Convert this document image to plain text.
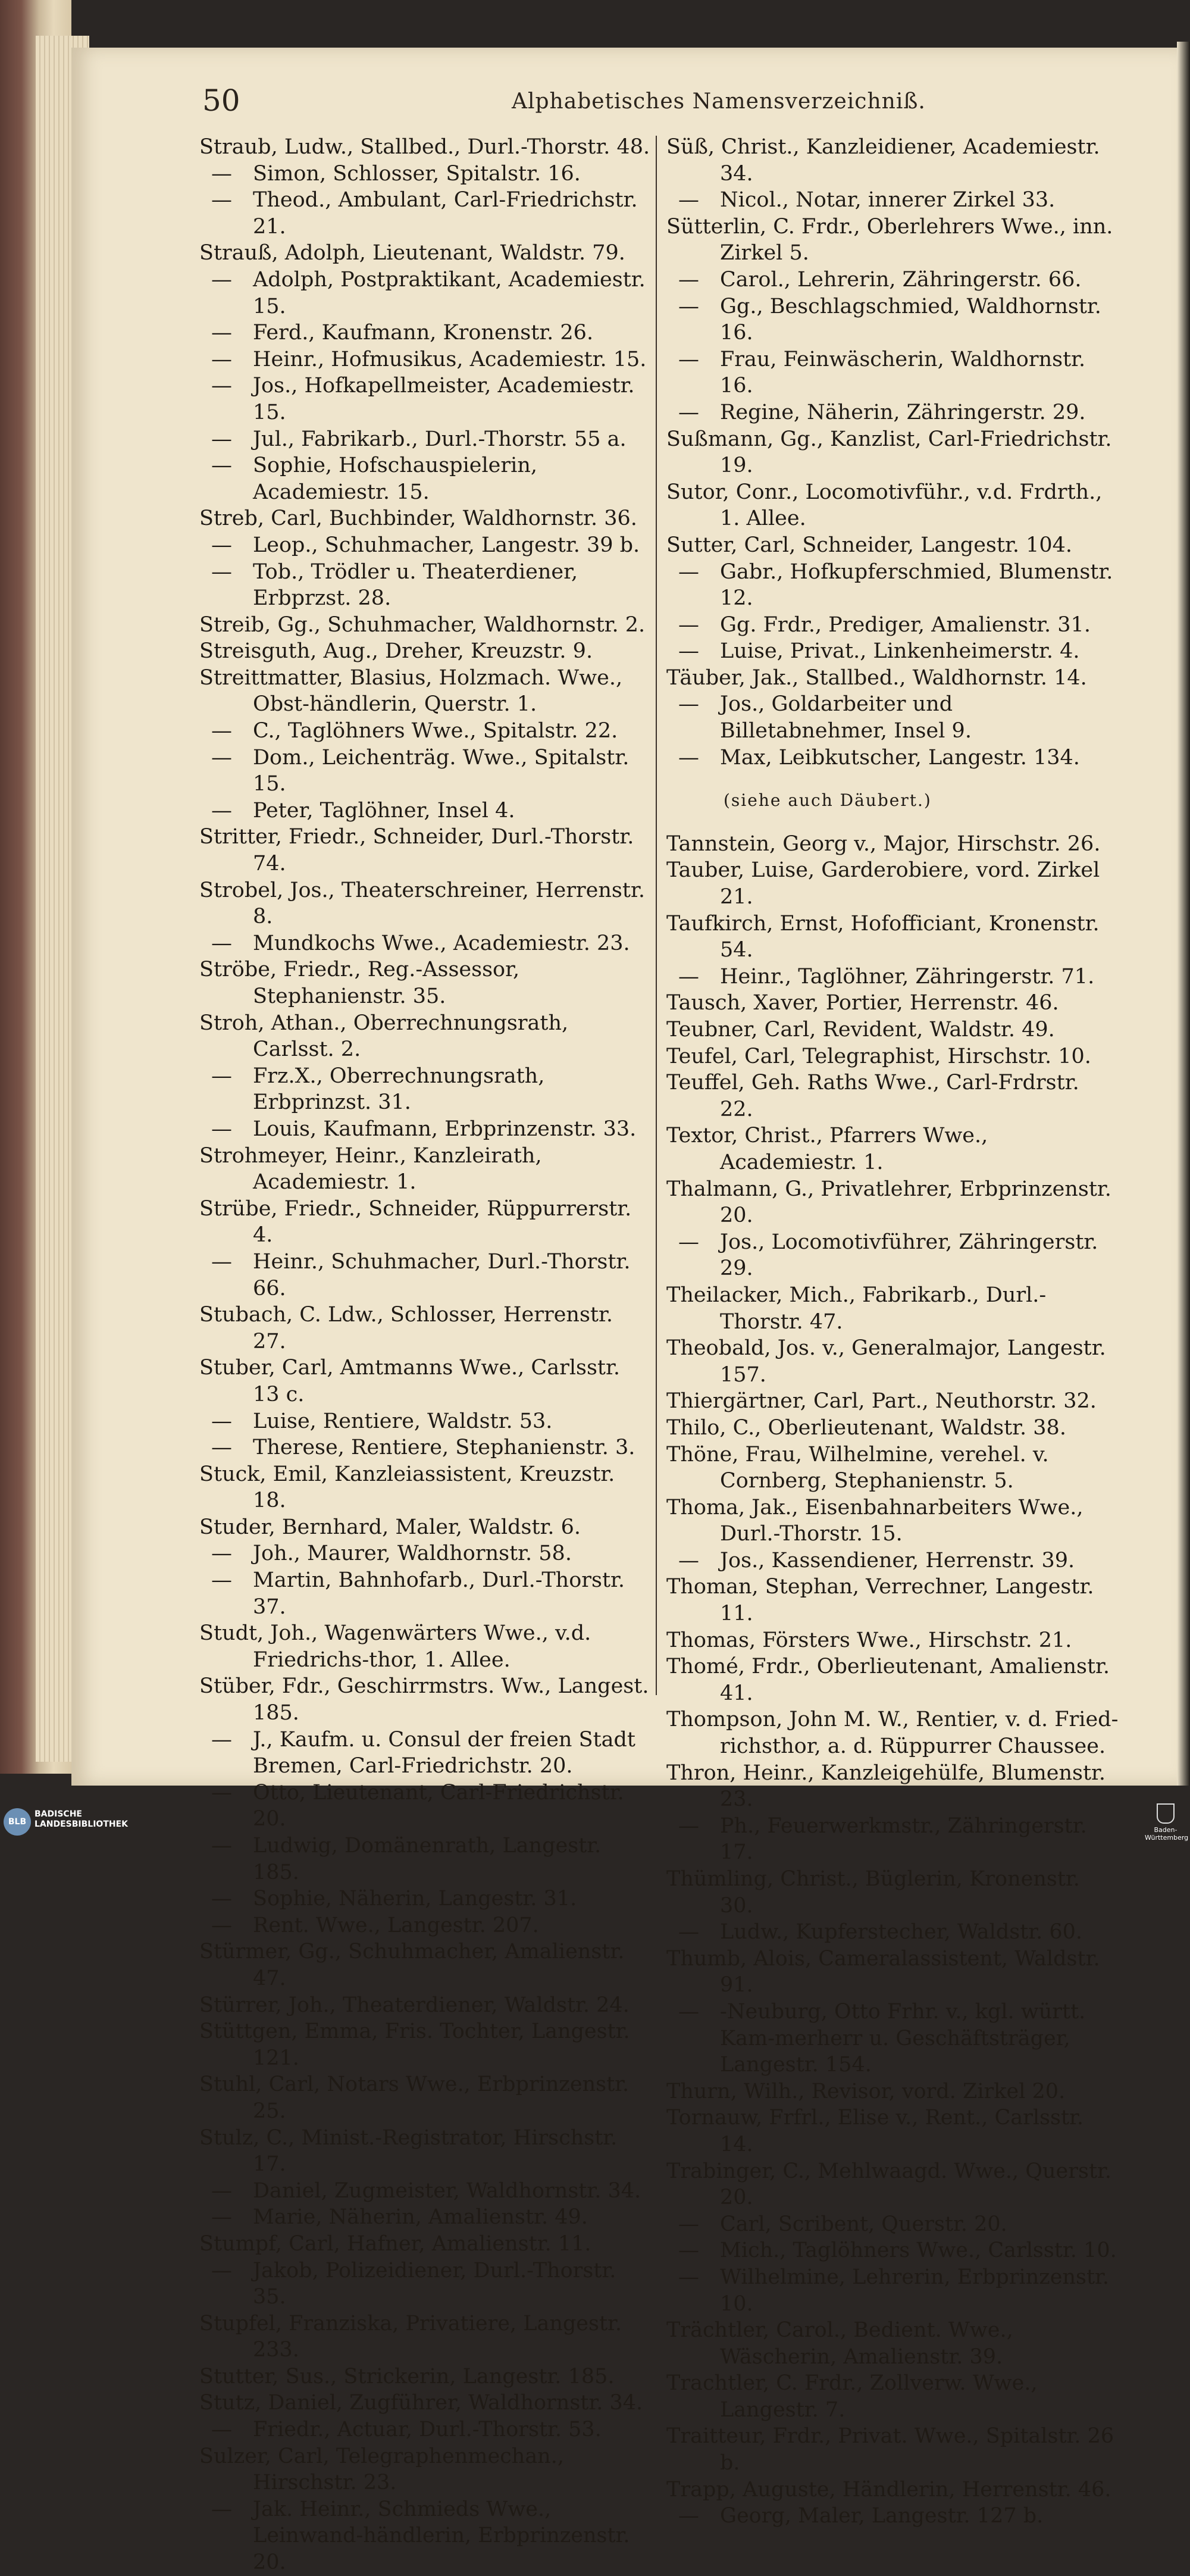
50	Alphabetisches Namensverzeichniß.

Straub, Ludw., Stallbed., Durl.-Thorstr. 48.

— Simon, Schlosser, Spitalstr. 16.

— Theod., Ambulant, Carl-Friedrichstr. 21.

Strauß, Adolph, Lieutenant, Waldstr. 79.

— Adolph, Postpraktikant, Academiestr. 15.

— Ferd., Kaufmann, Kronenstr. 26.

— Heinr., Hofmusikus, Academiestr. 15.

— Jos., Hofkapellmeister, Academiestr. 15.

— Jul., Fabrikarb., Durl.-Thorstr. 55 a.

— Sophie, Hofschauspielerin, Academiestr. 15.

Streb, Carl, Buchbinder, Waldhornstr. 36.

— Leop., Schuhmacher, Langestr. 39 b.

— Tob., Trödler u. Theaterdiener, Erbprzst. 28.

Streib, Gg., Schuhmacher, Waldhornstr. 2.

Streisguth, Aug., Dreher, Kreuzstr. 9.

Streittmatter, Blasius, Holzmach. Wwe., Obst-händlerin, Querstr. 1.

— C., Taglöhners Wwe., Spitalstr. 22.

— Dom., Leichenträg. Wwe., Spitalstr. 15.

— Peter, Taglöhner, Insel 4.

Stritter, Friedr., Schneider, Durl.-Thorstr. 74.

Strobel, Jos., Theaterschreiner, Herrenstr. 8.

— Mundkochs Wwe., Academiestr. 23.

Ströbe, Friedr., Reg.-Assessor, Stephanienstr. 35.

Stroh, Athan., Oberrechnungsrath, Carlsst. 2.

— Frz.X., Oberrechnungsrath, Erbprinzst. 31.

— Louis, Kaufmann, Erbprinzenstr. 33.

Strohmeyer, Heinr., Kanzleirath, Academiestr. 1.

Strübe, Friedr., Schneider, Rüppurrerstr. 4.

— Heinr., Schuhmacher, Durl.-Thorstr. 66.

Stubach, C. Ldw., Schlosser, Herrenstr. 27.

Stuber, Carl, Amtmanns Wwe., Carlsstr. 13 c.

— Luise, Rentiere, Waldstr. 53.

— Therese, Rentiere, Stephanienstr. 3.

Stuck, Emil, Kanzleiassistent, Kreuzstr. 18.

Studer, Bernhard, Maler, Waldstr. 6.

— Joh., Maurer, Waldhornstr. 58.

— Martin, Bahnhofarb., Durl.-Thorstr. 37.

Studt, Joh., Wagenwärters Wwe., v.d. Friedrichs-thor, 1. Allee.

Stüber, Fdr., Geschirrmstrs. Ww., Langest. 185.

— J., Kaufm. u. Consul der freien Stadt Bremen, Carl-Friedrichstr. 20.

— Otto, Lieutenant, Carl-Friedrichstr. 20.

— Ludwig, Domänenrath, Langestr. 185.

— Sophie, Näherin, Langestr. 31.

— Rent. Wwe., Langestr. 207.

Stürmer, Gg., Schuhmacher, Amalienstr. 47.

Stürrer, Joh., Theaterdiener, Waldstr. 24.

Stüttgen, Emma, Fris. Tochter, Langestr. 121.

Stuhl, Carl, Notars Wwe., Erbprinzenstr. 25.

Stulz, C., Minist.-Registrator, Hirschstr. 17.

— Daniel, Zugmeister, Waldhornstr. 34.

— Marie, Näherin, Amalienstr. 49.

Stumpf, Carl, Hafner, Amalienstr. 11.

— Jakob, Polizeidiener, Durl.-Thorstr. 35.

Stupfel, Franziska, Privatiere, Langestr. 233.

Stutter, Sus., Strickerin, Langestr. 185.

Stutz, Daniel, Zugführer, Waldhornstr. 34.

— Friedr., Actuar, Durl.-Thorstr. 53.

Sulzer, Carl, Telegraphenmechan., Hirschstr. 23.

— Jak. Heinr., Schmieds Wwe., Leinwand-händlerin, Erbprinzenstr. 20.

Süß, Christ., Kanzleidiener, Academiestr. 34.

— Nicol., Notar, innerer Zirkel 33.

Sütterlin, C. Frdr., Oberlehrers Wwe., inn. Zirkel 5.

— Carol., Lehrerin, Zähringerstr. 66.

— Gg., Beschlagschmied, Waldhornstr. 16.

— Frau, Feinwäscherin, Waldhornstr. 16.

— Regine, Näherin, Zähringerstr. 29.

Sußmann, Gg., Kanzlist, Carl-Friedrichstr. 19.

Sutor, Conr., Locomotivführ., v.d. Frdrth., 1. Allee.

Sutter, Carl, Schneider, Langestr. 104.

— Gabr., Hofkupferschmied, Blumenstr. 12.

— Gg. Frdr., Prediger, Amalienstr. 31.

— Luise, Privat., Linkenheimerstr. 4.

Täuber, Jak., Stallbed., Waldhornstr. 14.

— Jos., Goldarbeiter und Billetabnehmer, Insel 9.

— Max, Leibkutscher, Langestr. 134.

(siehe auch Däubert.)

Tannstein, Georg v., Major, Hirschstr. 26.

Tauber, Luise, Garderobiere, vord. Zirkel 21.

Taufkirch, Ernst, Hofofficiant, Kronenstr. 54.

— Heinr., Taglöhner, Zähringerstr. 71.

Tausch, Xaver, Portier, Herrenstr. 46.

Teubner, Carl, Revident, Waldstr. 49.

Teufel, Carl, Telegraphist, Hirschstr. 10.

Teuffel, Geh. Raths Wwe., Carl-Frdrstr. 22.

Textor, Christ., Pfarrers Wwe., Academiestr. 1.

Thalmann, G., Privatlehrer, Erbprinzenstr. 20.

— Jos., Locomotivführer, Zähringerstr. 29.

Theilacker, Mich., Fabrikarb., Durl.-Thorstr. 47.

Theobald, Jos. v., Generalmajor, Langestr. 157.

Thiergärtner, Carl, Part., Neuthorstr. 32.

Thilo, C., Oberlieutenant, Waldstr. 38.

Thöne, Frau, Wilhelmine, verehel. v. Cornberg, Stephanienstr. 5.

Thoma, Jak., Eisenbahnarbeiters Wwe., Durl.-Thorstr. 15.

— Jos., Kassendiener, Herrenstr. 39.

Thoman, Stephan, Verrechner, Langestr. 11.

Thomas, Försters Wwe., Hirschstr. 21.

Thomé, Frdr., Oberlieutenant, Amalienstr. 41.

Thompson, John M. W., Rentier, v. d. Fried-richsthor, a. d. Rüppurrer Chaussee.

Thron, Heinr., Kanzleigehülfe, Blumenstr. 23.

— Ph., Feuerwerkmstr., Zähringerstr. 17.

Thümling, Christ., Büglerin, Kronenstr. 30.

— Ludw., Kupferstecher, Waldstr. 60.

Thumb, Alois, Cameralassistent, Waldstr. 91.

— -Neuburg, Otto Frhr. v., kgl. württ. Kam-merherr u. Geschäftsträger, Langestr. 154.

Thurn, Wilh., Revisor, vord. Zirkel 20.

Tornauw, Frfrl., Elise v., Rent., Carlsstr. 14.

Trabinger, C., Mehlwaagd. Wwe., Querstr. 20.

— Carl, Scribent, Querstr. 20.

— Mich., Taglöhners Wwe., Carlsstr. 10.

— Wilhelmine, Lehrerin, Erbprinzenstr. 10.

Trächtler, Carol., Bedient. Wwe., Wäscherin, Amalienstr. 39.

Trachtler, C. Frdr., Zollverw. Wwe., Langestr. 7.

Traitteur, Frdr., Privat. Wwe., Spitalstr. 26 b.

Trapp, Auguste, Händlerin, Herrenstr. 46.

— Georg, Maler, Langestr. 127 b.

BLB
BADISCHE
LANDESBIBLIOTHEK
Baden-Württemberg
